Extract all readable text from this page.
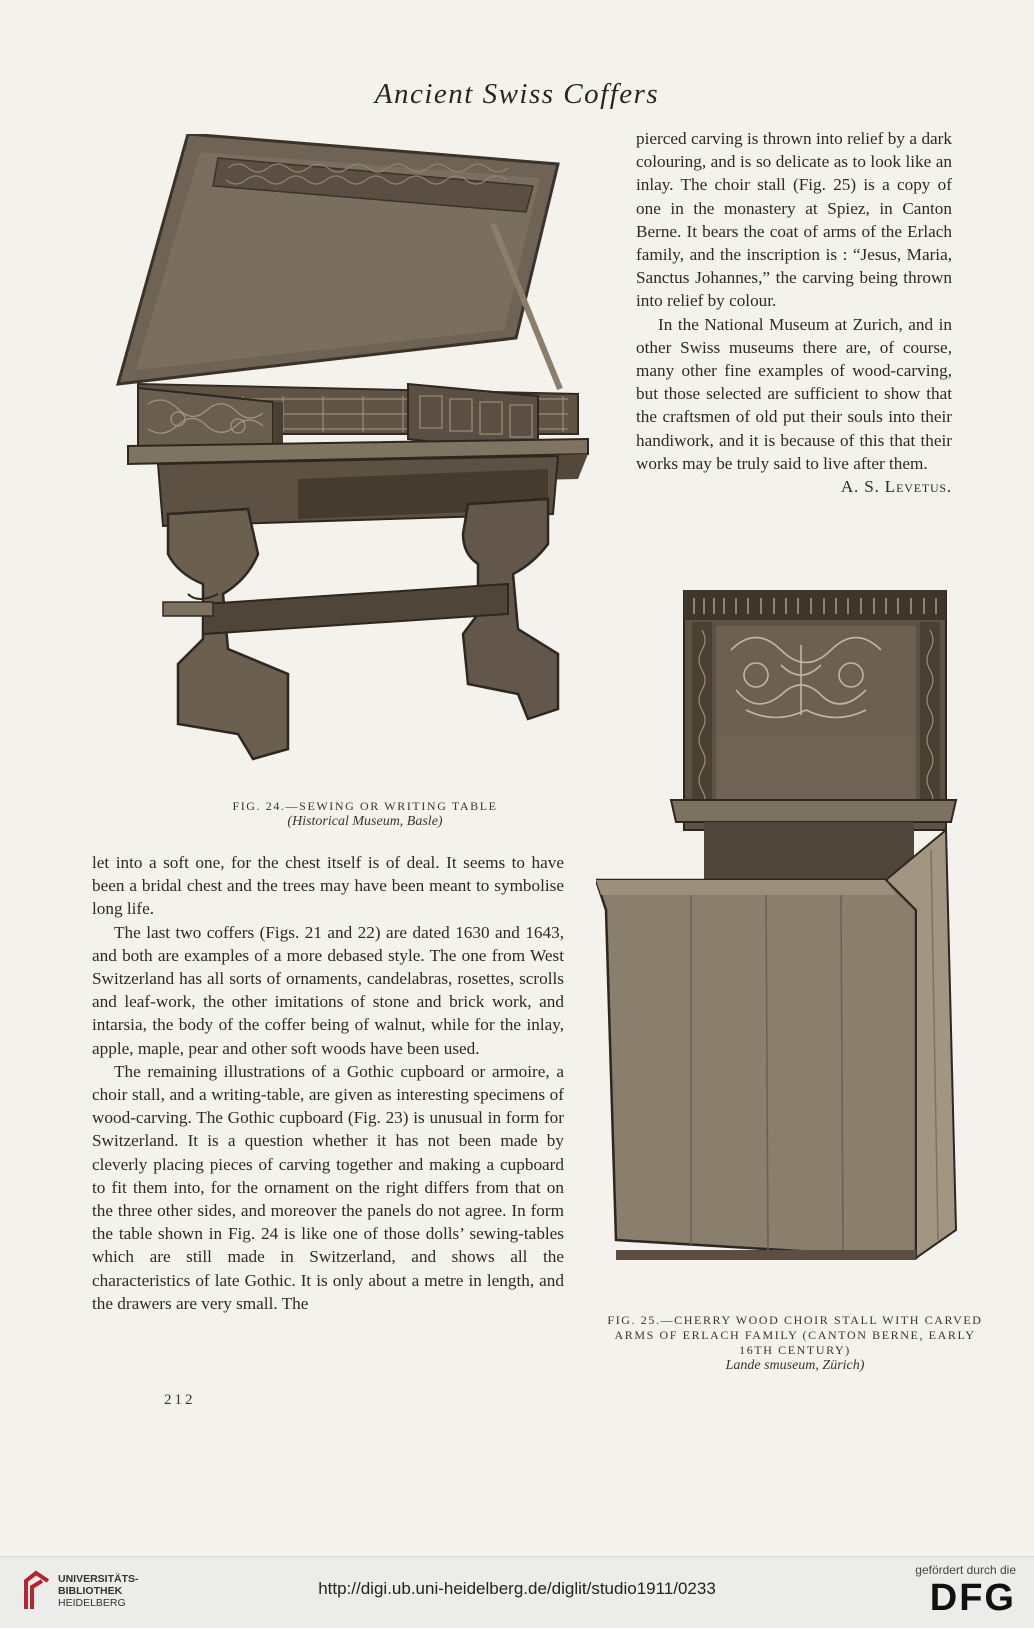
Ancient Swiss Coffers
FIG. 24.—SEWING OR WRITING TABLE
(Historical Museum, Basle)

pierced carving is thrown into relief by a dark colouring, and is so delicate as to look like an inlay. The choir stall (Fig. 25) is a copy of one in the monastery at Spiez, in Canton Berne. It bears the coat of arms of the Erlach family, and the inscription is : “Jesus, Maria, Sanctus Johannes,” the carving being thrown into relief by colour.

In the National Museum at Zurich, and in other Swiss museums there are, of course, many other fine examples of wood-carving, but those selected are sufficient to show that the craftsmen of old put their souls into their handiwork, and it is because of this that their works may be truly said to live after them.

A. S. Levetus.

FIG. 25.—CHERRY WOOD CHOIR STALL WITH CARVED ARMS OF ERLACH FAMILY (CANTON BERNE, EARLY 16TH CENTURY)
Lande smuseum, Zürich)

let into a soft one, for the chest itself is of deal. It seems to have been a bridal chest and the trees may have been meant to symbolise long life.

The last two coffers (Figs. 21 and 22) are dated 1630 and 1643, and both are examples of a more debased style. The one from West Switzerland has all sorts of ornaments, candelabras, rosettes, scrolls and leaf-work, the other imitations of stone and brick work, and intarsia, the body of the coffer being of walnut, while for the inlay, apple, maple, pear and other soft woods have been used.

The remaining illustrations of a Gothic cupboard or armoire, a choir stall, and a writing-table, are given as interesting specimens of wood-carving. The Gothic cupboard (Fig. 23) is unusual in form for Switzerland. It is a question whether it has not been made by cleverly placing pieces of carving together and making a cupboard to fit them into, for the ornament on the right differs from that on the three other sides, and moreover the panels do not agree. In form the table shown in Fig. 24 is like one of those dolls’ sewing-tables which are still made in Switzerland, and shows all the characteristics of late Gothic. It is only about a metre in length, and the drawers are very small. The

212
UNIVERSITÄTS-
BIBLIOTHEK
HEIDELBERG
http://digi.ub.uni-heidelberg.de/diglit/studio1911/0233
gefördert durch die
DFG
